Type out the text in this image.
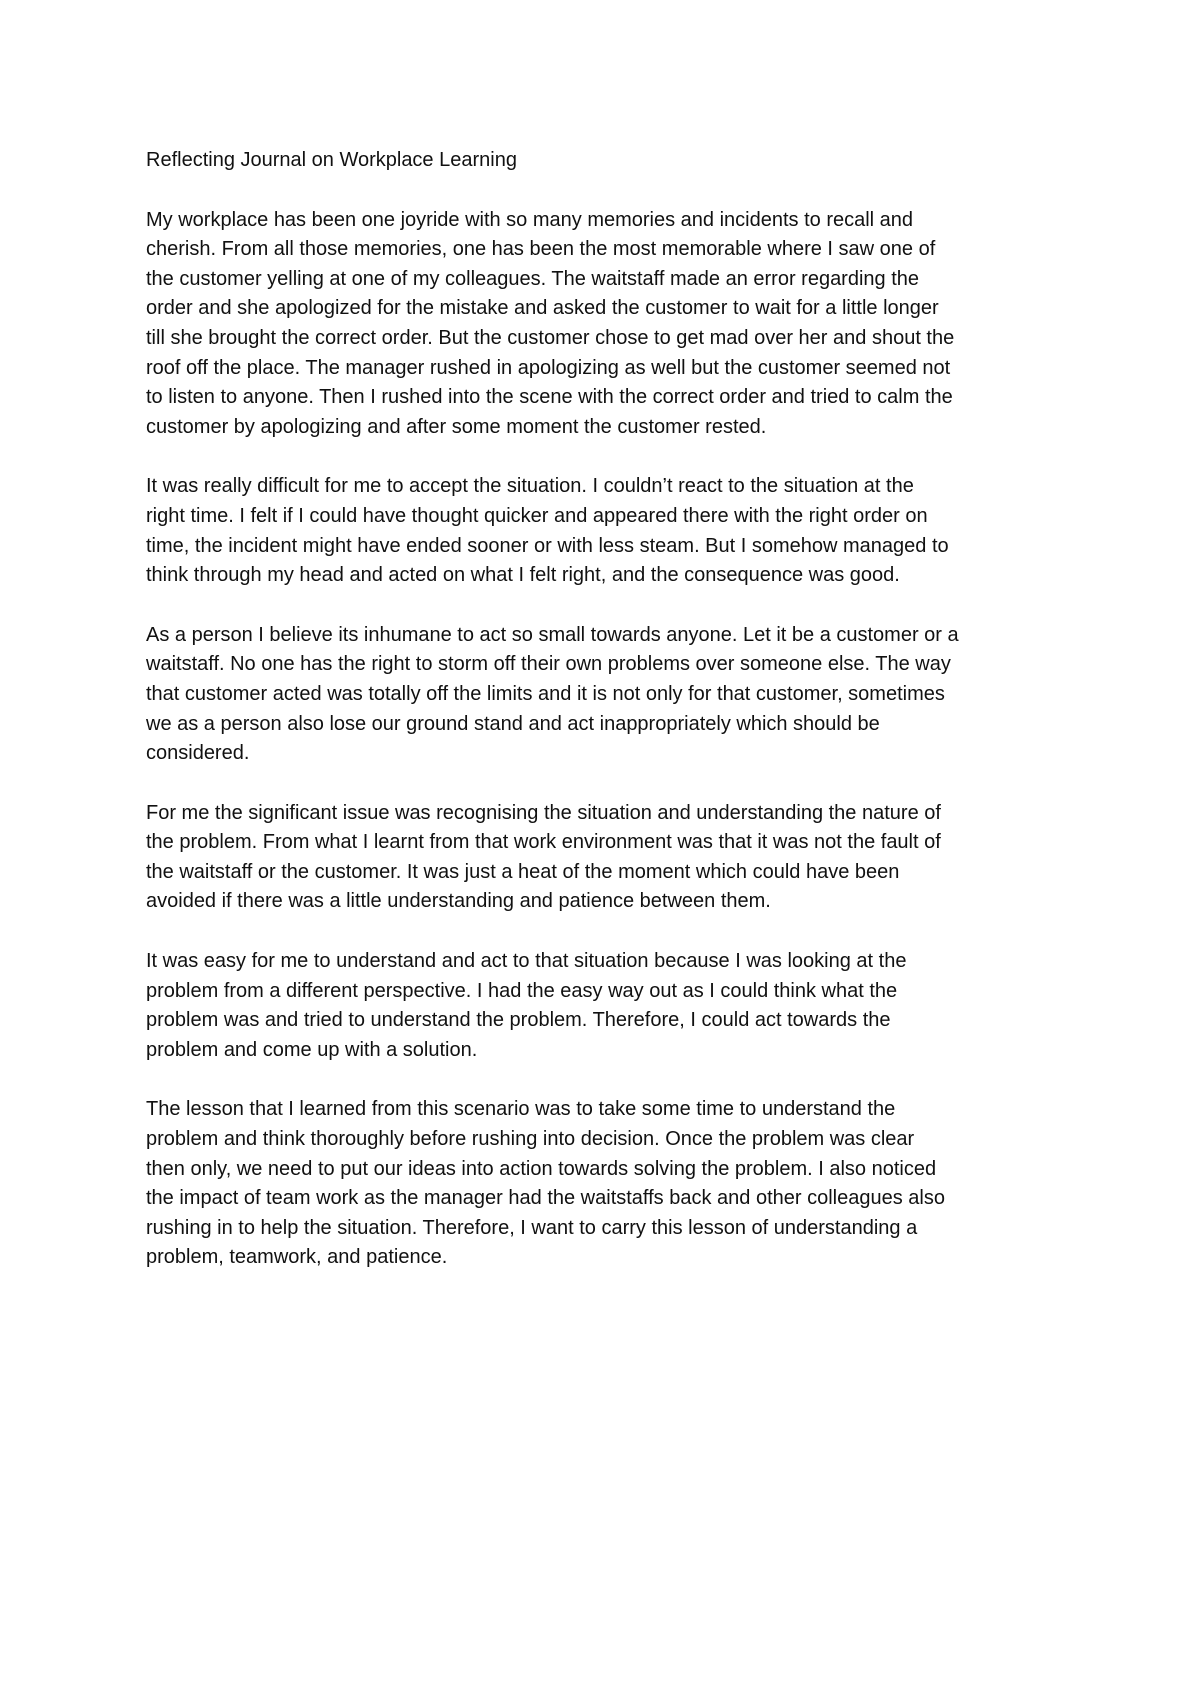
Reflecting Journal on Workplace Learning
My workplace has been one joyride with so many memories and incidents to recall and
cherish. From all those memories, one has been the most memorable where I saw one of
the customer yelling at one of my colleagues. The waitstaff made an error regarding the
order and she apologized for the mistake and asked the customer to wait for a little longer
till she brought the correct order. But the customer chose to get mad over her and shout the
roof off the place. The manager rushed in apologizing as well but the customer seemed not
to listen to anyone. Then I rushed into the scene with the correct order and tried to calm the
customer by apologizing and after some moment the customer rested.
It was really difficult for me to accept the situation. I couldn’t react to the situation at the
right time. I felt if I could have thought quicker and appeared there with the right order on
time, the incident might have ended sooner or with less steam. But I somehow managed to
think through my head and acted on what I felt right, and the consequence was good.
As a person I believe its inhumane to act so small towards anyone. Let it be a customer or a
waitstaff. No one has the right to storm off their own problems over someone else. The way
that customer acted was totally off the limits and it is not only for that customer, sometimes
we as a person also lose our ground stand and act inappropriately which should be
considered.
For me the significant issue was recognising the situation and understanding the nature of
the problem. From what I learnt from that work environment was that it was not the fault of
the waitstaff or the customer. It was just a heat of the moment which could have been
avoided if there was a little understanding and patience between them.
It was easy for me to understand and act to that situation because I was looking at the
problem from a different perspective. I had the easy way out as I could think what the
problem was and tried to understand the problem. Therefore, I could act towards the
problem and come up with a solution.
The lesson that I learned from this scenario was to take some time to understand the
problem and think thoroughly before rushing into decision. Once the problem was clear
then only, we need to put our ideas into action towards solving the problem. I also noticed
the impact of team work as the manager had the waitstaffs back and other colleagues also
rushing in to help the situation. Therefore, I want to carry this lesson of understanding a
problem, teamwork, and patience.
